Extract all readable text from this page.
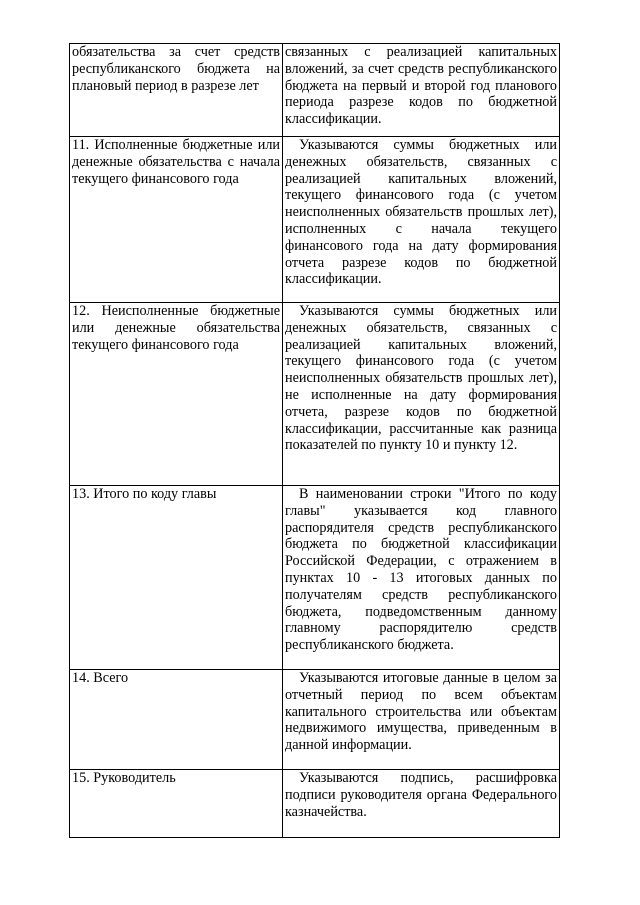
обязательства за счет средств республиканского бюджета на плановый период в разрезе лет	связанных с реализацией капитальных вложений, за счет средств республиканского бюджета на первый и второй год планового периода разрезе кодов по бюджетной классификации.
11. Исполненные бюджетные или денежные обязательства с начала текущего финансового года	Указываются суммы бюджетных или денежных обязательств, связанных с реализацией капитальных вложений, текущего финансового года (с учетом неисполненных обязательств прошлых лет), исполненных с начала текущего финансового года на дату формирования отчета разрезе кодов по бюджетной классификации.

12. Неисполненные бюджетные или денежные обязательства текущего финансового года	Указываются суммы бюджетных или денежных обязательств, связанных с реализацией капитальных вложений, текущего финансового года (с учетом неисполненных обязательств прошлых лет), не исполненные на дату формирования отчета, разрезе кодов по бюджетной классификации, рассчитанные как разница показателей по пункту 10 и пункту 12.

13. Итого по коду главы	В наименовании строки "Итого по коду главы" указывается код главного распорядителя средств республиканского бюджета по бюджетной классификации Российской Федерации, с отражением в пунктах 10 - 13 итоговых данных по получателям средств республиканского бюджета, подведомственным данному главному распорядителю средств республиканского бюджета.

14. Всего	Указываются итоговые данные в целом за отчетный период по всем объектам капитального строительства или объектам недвижимого имущества, приведенным в данной информации.

15. Руководитель	Указываются подпись, расшифровка подписи руководителя органа Федерального казначейства.
